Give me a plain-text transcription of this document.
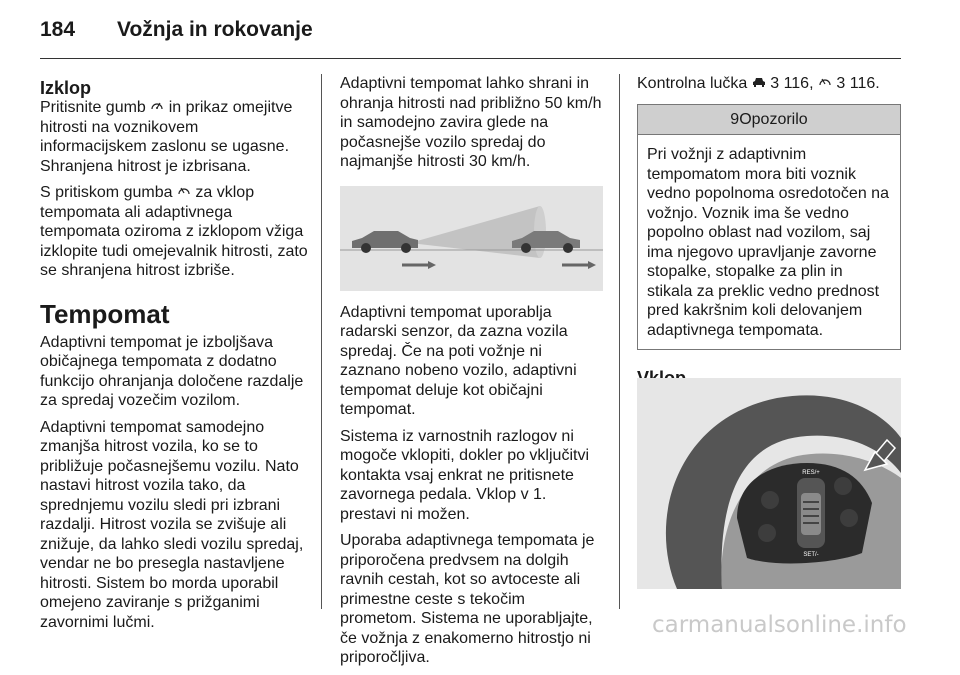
184 Vožnja in rokovanje
Izklop

Pritisnite gumb in prikaz omejitve hitrosti na voznikovem informacijskem zaslonu se ugasne. Shranjena hitrost je izbrisana.

S pritiskom gumba za vklop tempomata ali adaptivnega tempomata oziroma z izklopom vžiga izklopite tudi omejevalnik hitrosti, zato se shranjena hitrost izbriše.

Tempomat

Adaptivni tempomat je izboljšava običajnega tempomata z dodatno funkcijo ohranjanja določene razdalje za spredaj vozečim vozilom.

Adaptivni tempomat samodejno zmanjša hitrost vozila, ko se to približuje počasnejšemu vozilu. Nato nastavi hitrost vozila tako, da sprednjemu vozilu sledi pri izbrani razdalji. Hitrost vozila se zvišuje ali znižuje, da lahko sledi vozilu spredaj, vendar ne bo presegla nastavljene hitrosti. Sistem bo morda uporabil omejeno zaviranje s prižganimi zavornimi lučmi.

Adaptivni tempomat lahko shrani in ohranja hitrosti nad približno 50 km/h in samodejno zavira glede na počasnejše vozilo spredaj do najmanjše hitrosti 30 km/h.

Adaptivni tempomat uporablja radarski senzor, da zazna vozila spredaj. Če na poti vožnje ni zaznano nobeno vozilo, adaptivni tempomat deluje kot običajni tempomat.

Sistema iz varnostnih razlogov ni mogoče vklopiti, dokler po vključitvi kontakta vsaj enkrat ne pritisnete zavornega pedala. Vklop v 1. prestavi ni možen.

Uporaba adaptivnega tempomata je priporočena predvsem na dolgih ravnih cestah, kot so avtoceste ali primestne ceste s tekočim prometom. Sistema ne uporabljajte, če vožnja z enakomerno hitrostjo ni priporočljiva.

Kontrolna lučka 3 116, 3 116.

9Opozorilo
Pri vožnji z adaptivnim tempomatom mora biti voznik vedno popolnoma osredotočen na vožnjo. Voznik ima še vedno popolno oblast nad vozilom, saj ima njegovo upravljanje zavorne stopalke, stopalke za plin in stikala za preklic vedno prednost pred kakršnim koli delovanjem adaptivnega tempomata.
RES/+
SET/-
carmanualsonline.info
